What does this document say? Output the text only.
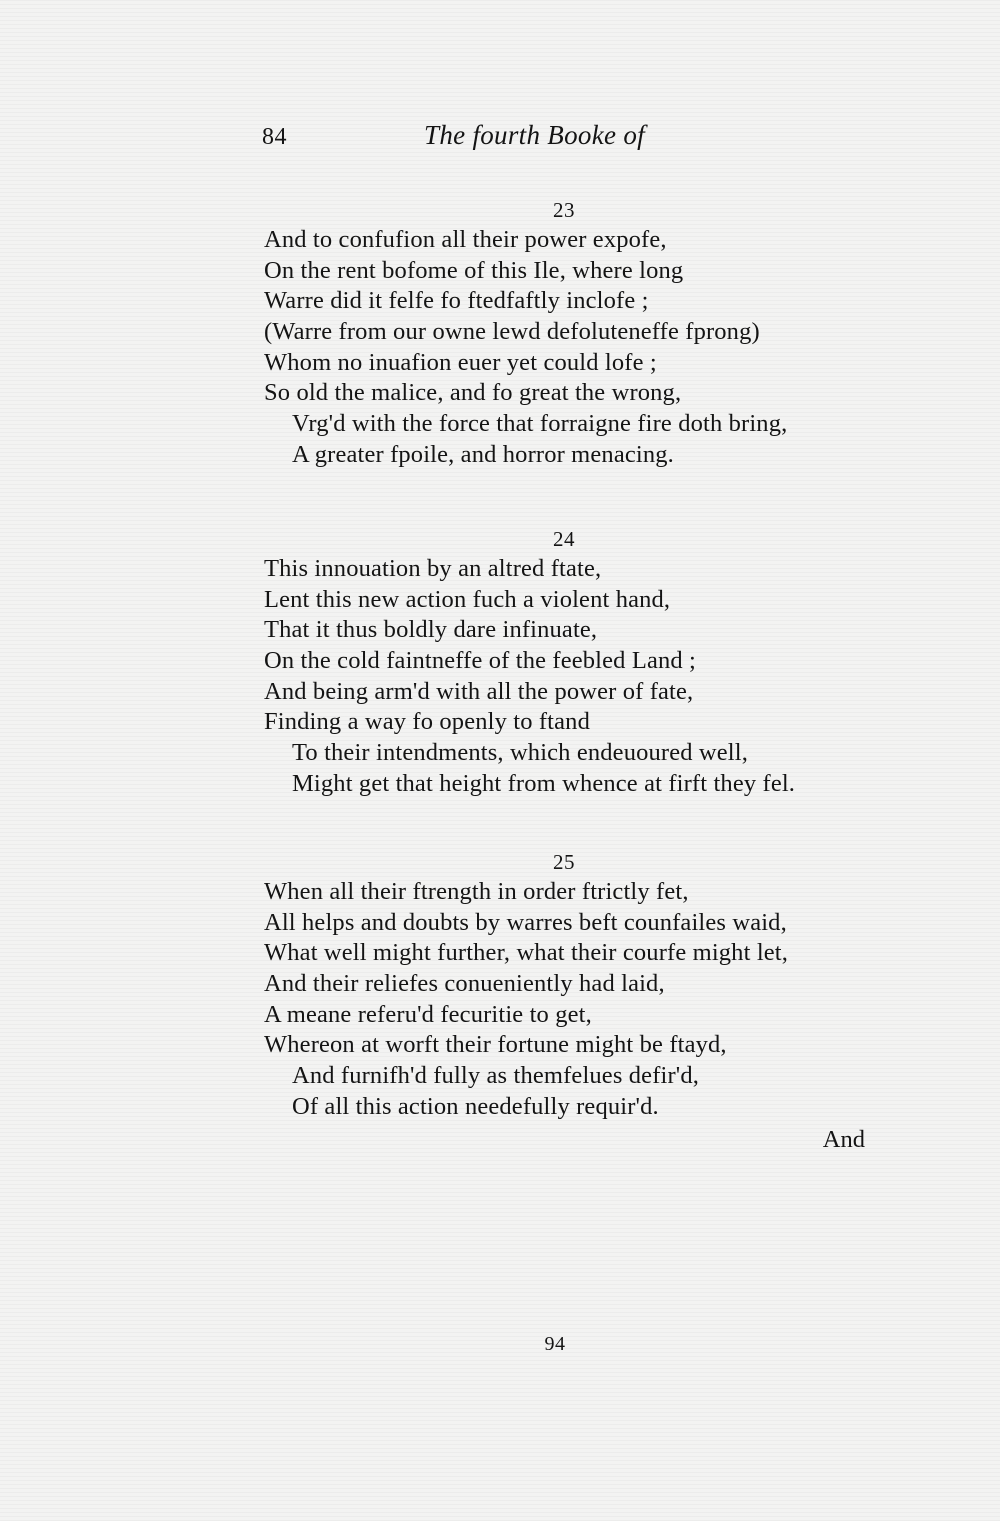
84	The fourth Booke of
23
And to confufion all their power expofe,
On the rent bofome of this Ile, where long
Warre did it felfe fo ftedfaftly inclofe ;
(Warre from our owne lewd defoluteneffe fprong)
Whom no inuafion euer yet could lofe ;
So old the malice, and fo great the wrong,
Vrg'd with the force that forraigne fire doth bring,
A greater fpoile, and horror menacing.
24
This innouation by an altred ftate,
Lent this new action fuch a violent hand,
That it thus boldly dare infinuate,
On the cold faintneffe of the feebled Land ;
And being arm'd with all the power of fate,
Finding a way fo openly to ftand
To their intendments, which endeuoured well,
Might get that height from whence at firft they fel.
25
When all their ftrength in order ftrictly fet,
All helps and doubts by warres beft counfailes waid,
What well might further, what their courfe might let,
And their reliefes conueniently had laid,
A meane referu'd fecuritie to get,
Whereon at worft their fortune might be ftayd,
And furnifh'd fully as themfelues defir'd,
Of all this action needefully requir'd.
And
94
